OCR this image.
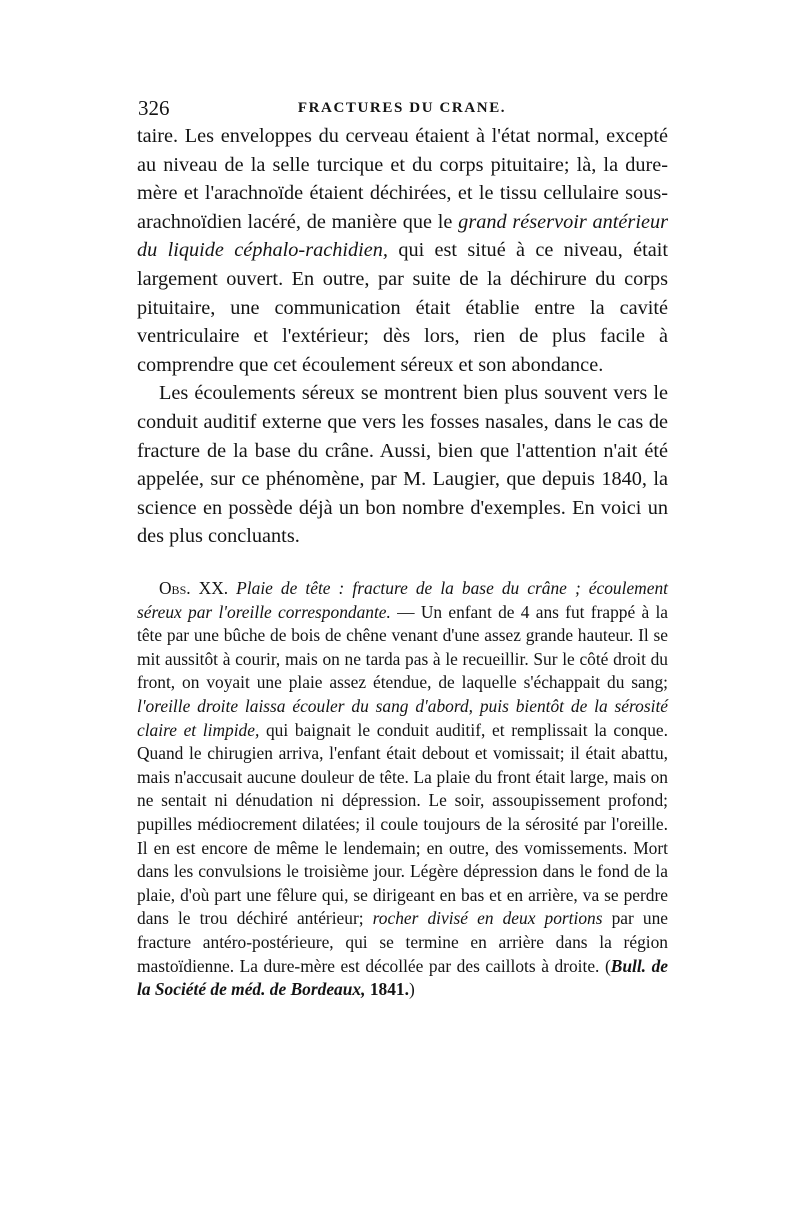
326	FRACTURES DU CRANE.

taire. Les enveloppes du cerveau étaient à l'état normal, excepté au niveau de la selle turcique et du corps pituitaire; là, la dure-mère et l'arachnoïde étaient déchirées, et le tissu cellulaire sous-arachnoïdien lacéré, de manière que le grand réservoir antérieur du liquide céphalo-rachidien, qui est situé à ce niveau, était largement ouvert. En outre, par suite de la déchirure du corps pituitaire, une communication était établie entre la cavité ventriculaire et l'extérieur; dès lors, rien de plus facile à comprendre que cet écoulement séreux et son abondance.

Les écoulements séreux se montrent bien plus souvent vers le conduit auditif externe que vers les fosses nasales, dans le cas de fracture de la base du crâne. Aussi, bien que l'attention n'ait été appelée, sur ce phénomène, par M. Laugier, que depuis 1840, la science en possède déjà un bon nombre d'exemples. En voici un des plus concluants.

Obs. XX. Plaie de tête : fracture de la base du crâne ; écoulement séreux par l'oreille correspondante. — Un enfant de 4 ans fut frappé à la tête par une bûche de bois de chêne venant d'une assez grande hauteur. Il se mit aussitôt à courir, mais on ne tarda pas à le recueillir. Sur le côté droit du front, on voyait une plaie assez étendue, de laquelle s'échappait du sang; l'oreille droite laissa écouler du sang d'abord, puis bientôt de la sérosité claire et limpide, qui baignait le conduit auditif, et remplissait la conque. Quand le chirugien arriva, l'enfant était debout et vomissait; il était abattu, mais n'accusait aucune douleur de tête. La plaie du front était large, mais on ne sentait ni dénudation ni dépression. Le soir, assoupissement profond; pupilles médiocrement dilatées; il coule toujours de la sérosité par l'oreille. Il en est encore de même le lendemain; en outre, des vomissements. Mort dans les convulsions le troisième jour. Légère dépression dans le fond de la plaie, d'où part une fêlure qui, se dirigeant en bas et en arrière, va se perdre dans le trou déchiré antérieur; rocher divisé en deux portions par une fracture antéro-postérieure, qui se termine en arrière dans la région mastoïdienne. La dure-mère est décollée par des caillots à droite. (Bull. de la Société de méd. de Bordeaux, 1841.)
